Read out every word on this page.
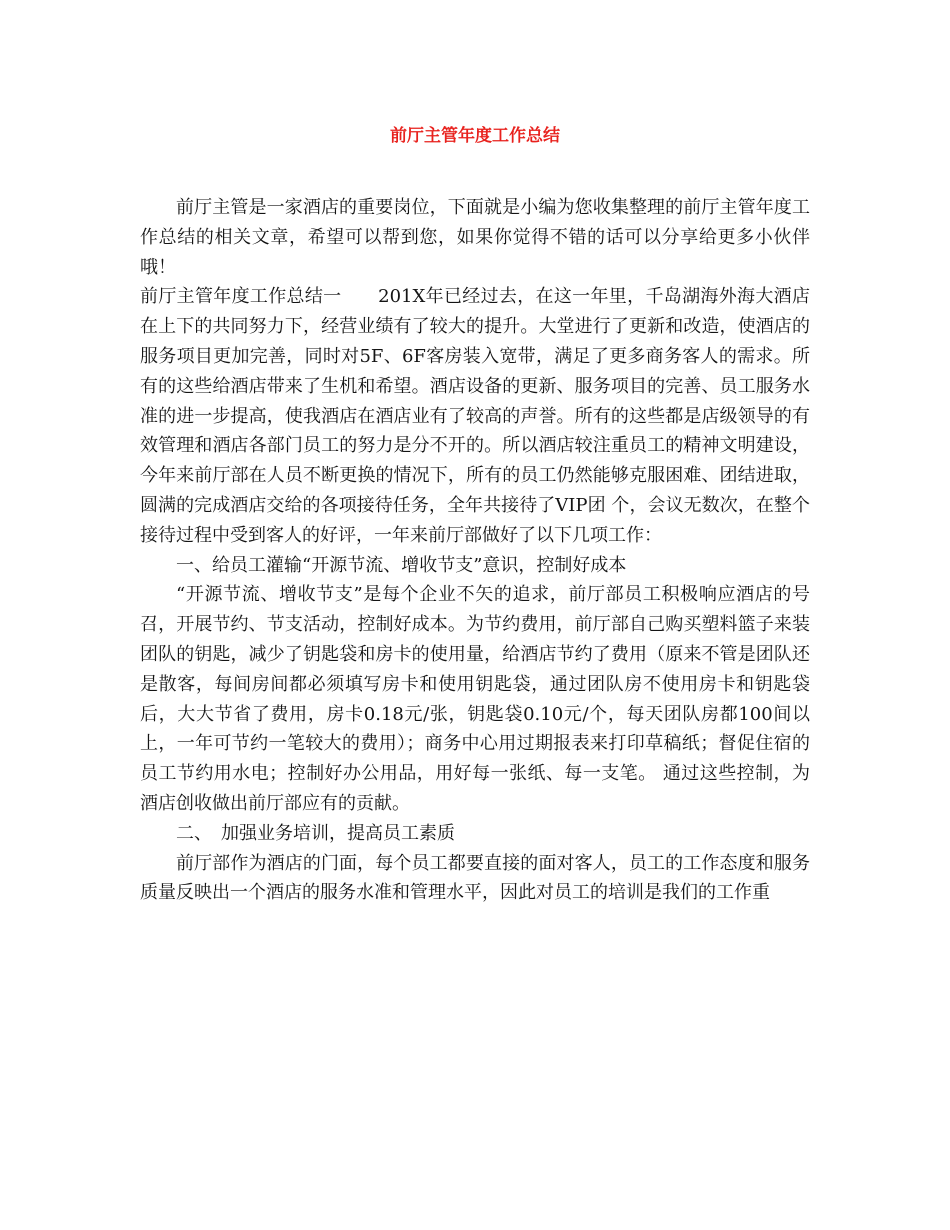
前厅主管年度工作总结

前厅主管是一家酒店的重要岗位，下面就是小编为您收集整理的前厅主管年度工作总结的相关文章，希望可以帮到您，如果你觉得不错的话可以分享给更多小伙伴哦！

前厅主管年度工作总结一　　201X年已经过去，在这一年里，千岛湖海外海大酒店在上下的共同努力下，经营业绩有了较大的提升。大堂进行了更新和改造，使酒店的服务项目更加完善，同时对5F、6F客房装入宽带，满足了更多商务客人的需求。所有的这些给酒店带来了生机和希望。酒店设备的更新、服务项目的完善、员工服务水准的进一步提高，使我酒店在酒店业有了较高的声誉。所有的这些都是店级领导的有效管理和酒店各部门员工的努力是分不开的。所以酒店较注重员工的精神文明建设，今年来前厅部在人员不断更换的情况下，所有的员工仍然能够克服困难、团结进取，圆满的完成酒店交给的各项接待任务，全年共接待了VIP团 个，会议无数次，在整个接待过程中受到客人的好评，一年来前厅部做好了以下几项工作：

一、给员工灌输“开源节流、增收节支”意识，控制好成本

“开源节流、增收节支”是每个企业不矢的追求，前厅部员工积极响应酒店的号召，开展节约、节支活动，控制好成本。为节约费用，前厅部自己购买塑料篮子来装团队的钥匙，减少了钥匙袋和房卡的使用量，给酒店节约了费用（原来不管是团队还是散客，每间房间都必须填写房卡和使用钥匙袋，通过团队房不使用房卡和钥匙袋后，大大节省了费用，房卡0.18元/张，钥匙袋0.10元/个，每天团队房都100间以上，一年可节约一笔较大的费用）；商务中心用过期报表来打印草稿纸；督促住宿的员工节约用水电；控制好办公用品，用好每一张纸、每一支笔。 通过这些控制，为酒店创收做出前厅部应有的贡献。

二、　加强业务培训，提高员工素质

前厅部作为酒店的门面，每个员工都要直接的面对客人，员工的工作态度和服务质量反映出一个酒店的服务水准和管理水平，因此对员工的培训是我们的工作重
